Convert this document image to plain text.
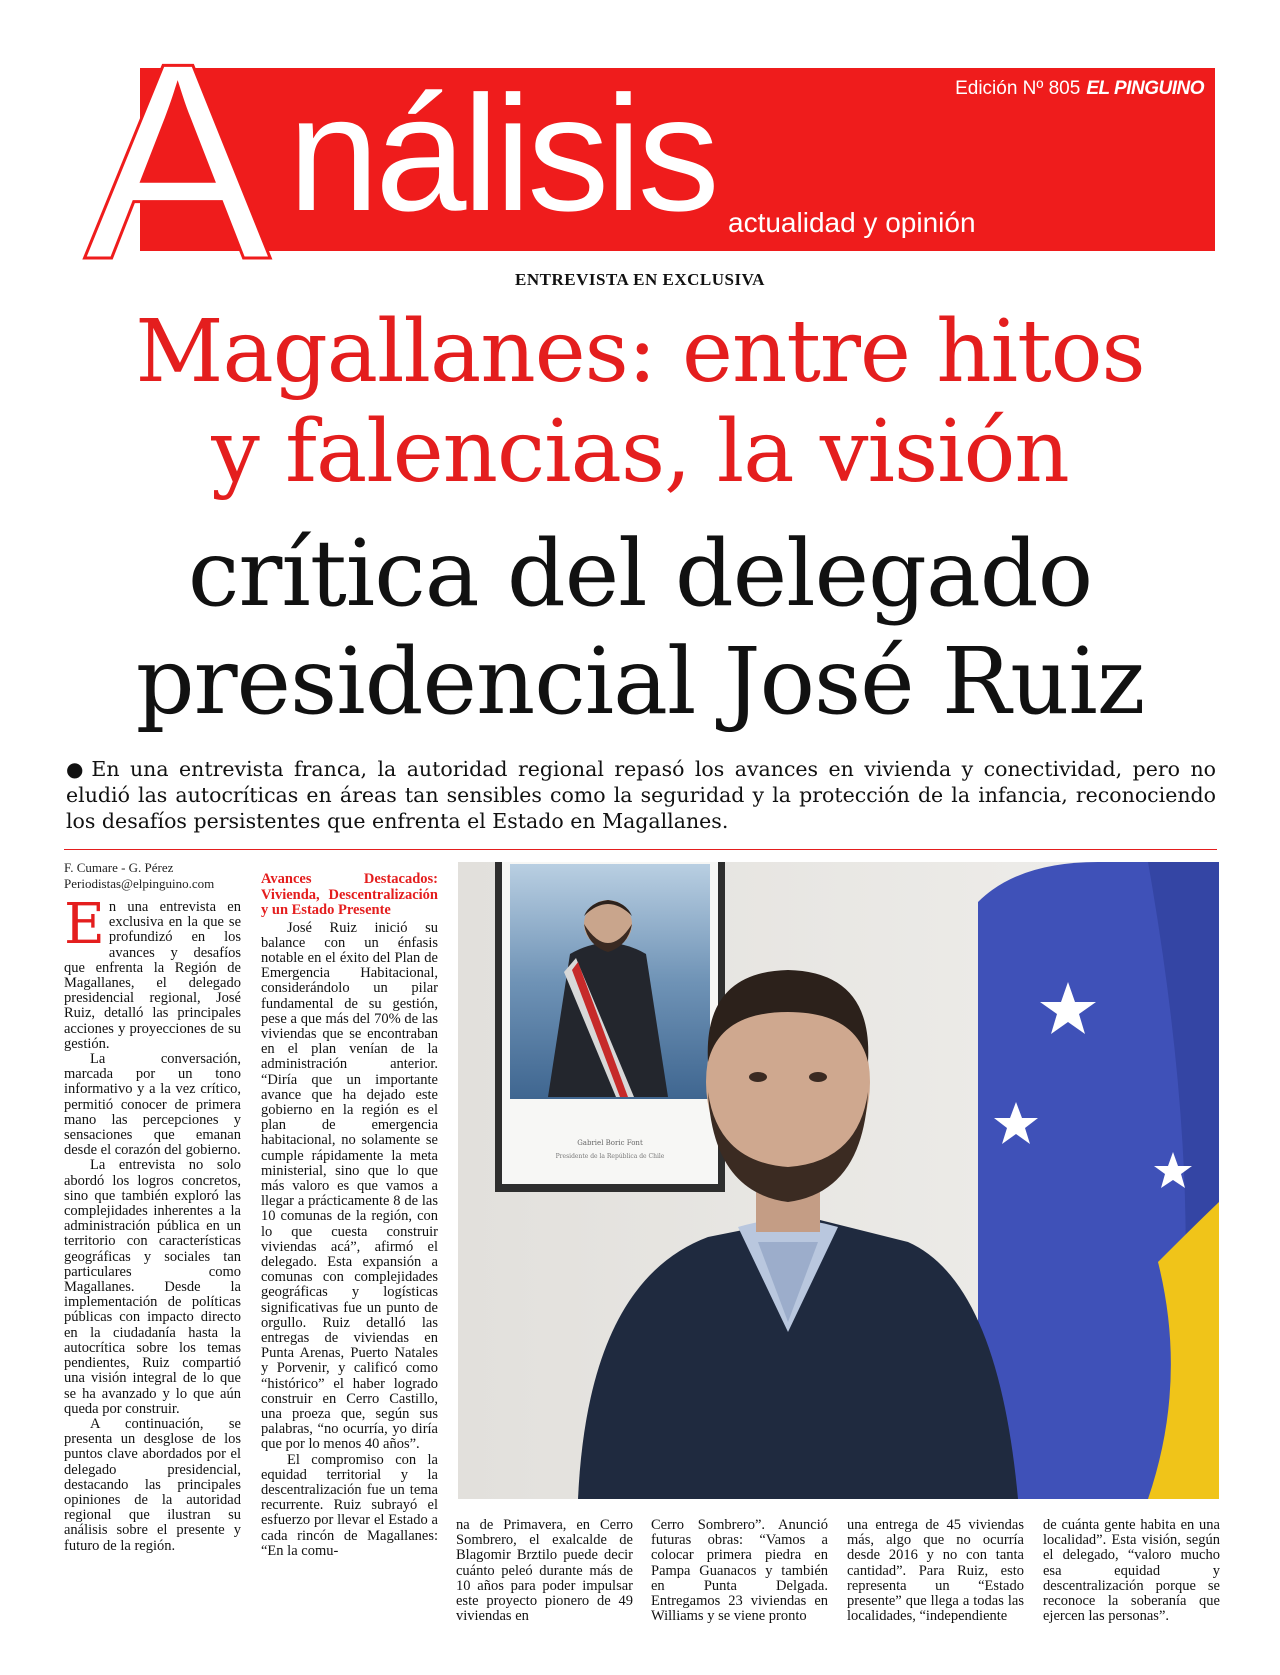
A nálisis actualidad y opinión
Edición Nº 805 EL PINGUINO
ENTREVISTA EN EXCLUSIVA
Magallanes: entre hitos
y falencias, la visión
crítica del delegado
presidencial José Ruiz
● En una entrevista franca, la autoridad regional repasó los avances en vivienda y conectividad, pero no eludió las autocríticas en áreas tan sensibles como la seguridad y la protección de la infancia, reconociendo los desafíos persistentes que enfrenta el Estado en Magallanes.
F. Cumare - G. Pérez
Periodistas@elpinguino.com

En una entrevista en exclusiva en la que se profundizó en los avances y desafíos que enfrenta la Región de Magallanes, el delegado presidencial regional, José Ruiz, detalló las principales acciones y proyecciones de su gestión.

La conversación, marcada por un tono informativo y a la vez crítico, permitió conocer de primera mano las percepciones y sensaciones que emanan desde el corazón del gobierno.

La entrevista no solo abordó los logros concretos, sino que también exploró las complejidades inherentes a la administración pública en un territorio con características geográficas y sociales tan particulares como Magallanes. Desde la implementación de políticas públicas con impacto directo en la ciudadanía hasta la autocrítica sobre los temas pendientes, Ruiz compartió una visión integral de lo que se ha avanzado y lo que aún queda por construir.

A continuación, se presenta un desglose de los puntos clave abordados por el delegado presidencial, destacando las principales opiniones de la autoridad regional que ilustran su análisis sobre el presente y futuro de la región.

Avances Destacados: Vivienda, Descentralización y un Estado Presente

José Ruiz inició su balance con un énfasis notable en el éxito del Plan de Emergencia Habitacional, considerándolo un pilar fundamental de su gestión, pese a que más del 70% de las viviendas que se encontraban en el plan venían de la administración anterior. “Diría que un importante avance que ha dejado este gobierno en la región es el plan de emergencia habitacional, no solamente se cumple rápidamente la meta ministerial, sino que lo que más valoro es que vamos a llegar a prácticamente 8 de las 10 comunas de la región, con lo que cuesta construir viviendas acá”, afirmó el delegado. Esta expansión a comunas con complejidades geográficas y logísticas significativas fue un punto de orgullo. Ruiz detalló las entregas de viviendas en Punta Arenas, Puerto Natales y Porvenir, y calificó como “histórico” el haber logrado construir en Cerro Castillo, una proeza que, según sus palabras, “no ocurría, yo diría que por lo menos 40 años”.

El compromiso con la equidad territorial y la descentralización fue un tema recurrente. Ruiz subrayó el esfuerzo por llevar el Estado a cada rincón de Magallanes: “En la comu-

Gabriel Boric Font
Presidente de la República de Chile
na de Primavera, en Cerro Sombrero, el exalcalde de Blagomir Brztilo puede decir cuánto peleó durante más de 10 años para poder impulsar este proyecto pionero de 49 viviendas en
Cerro Sombrero”. Anunció futuras obras: “Vamos a colocar primera piedra en Pampa Guanacos y también en Punta Delgada. Entregamos 23 viviendas en Williams y se viene pronto
una entrega de 45 viviendas más, algo que no ocurría desde 2016 y no con tanta cantidad”. Para Ruiz, esto representa un “Estado presente” que llega a todas las localidades, “independiente
de cuánta gente habita en una localidad”. Esta visión, según el delegado, “valoro mucho esa equidad y descentralización porque se reconoce la soberanía que ejercen las personas”.
